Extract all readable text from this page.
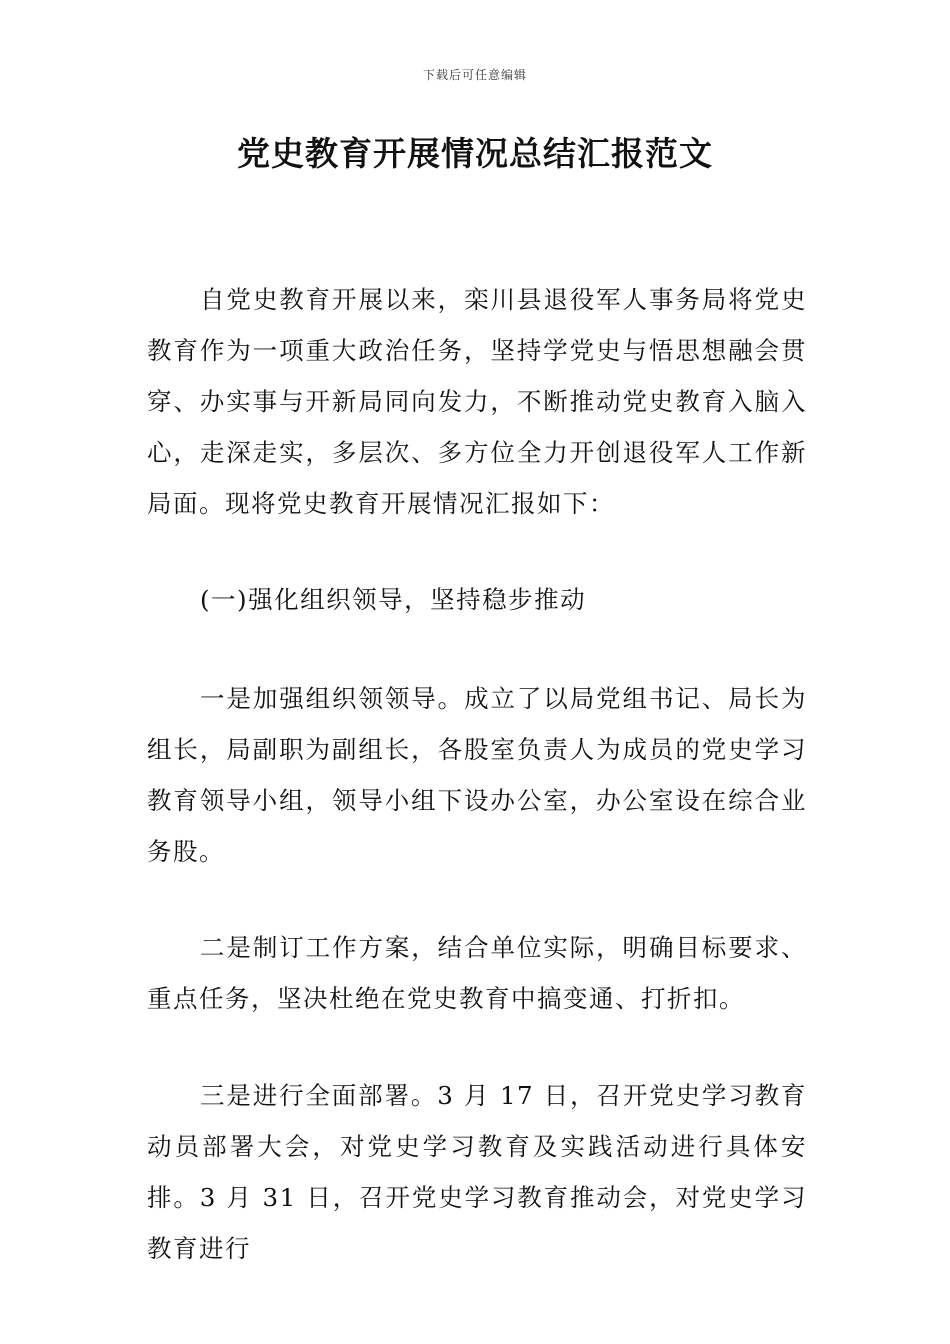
下载后可任意编辑
党史教育开展情况总结汇报范文

自党史教育开展以来，栾川县退役军人事务局将党史教育作为一项重大政治任务，坚持学党史与悟思想融会贯穿、办实事与开新局同向发力，不断推动党史教育入脑入心，走深走实，多层次、多方位全力开创退役军人工作新局面。现将党史教育开展情况汇报如下：

(一)强化组织领导，坚持稳步推动

一是加强组织领领导。成立了以局党组书记、局长为组长，局副职为副组长，各股室负责人为成员的党史学习教育领导小组，领导小组下设办公室，办公室设在综合业务股。

二是制订工作方案，结合单位实际，明确目标要求、重点任务，坚决杜绝在党史教育中搞变通、打折扣。

三是进行全面部署。3 月 17 日，召开党史学习教育动员部署大会，对党史学习教育及实践活动进行具体安排。3 月 31 日，召开党史学习教育推动会，对党史学习教育进行
